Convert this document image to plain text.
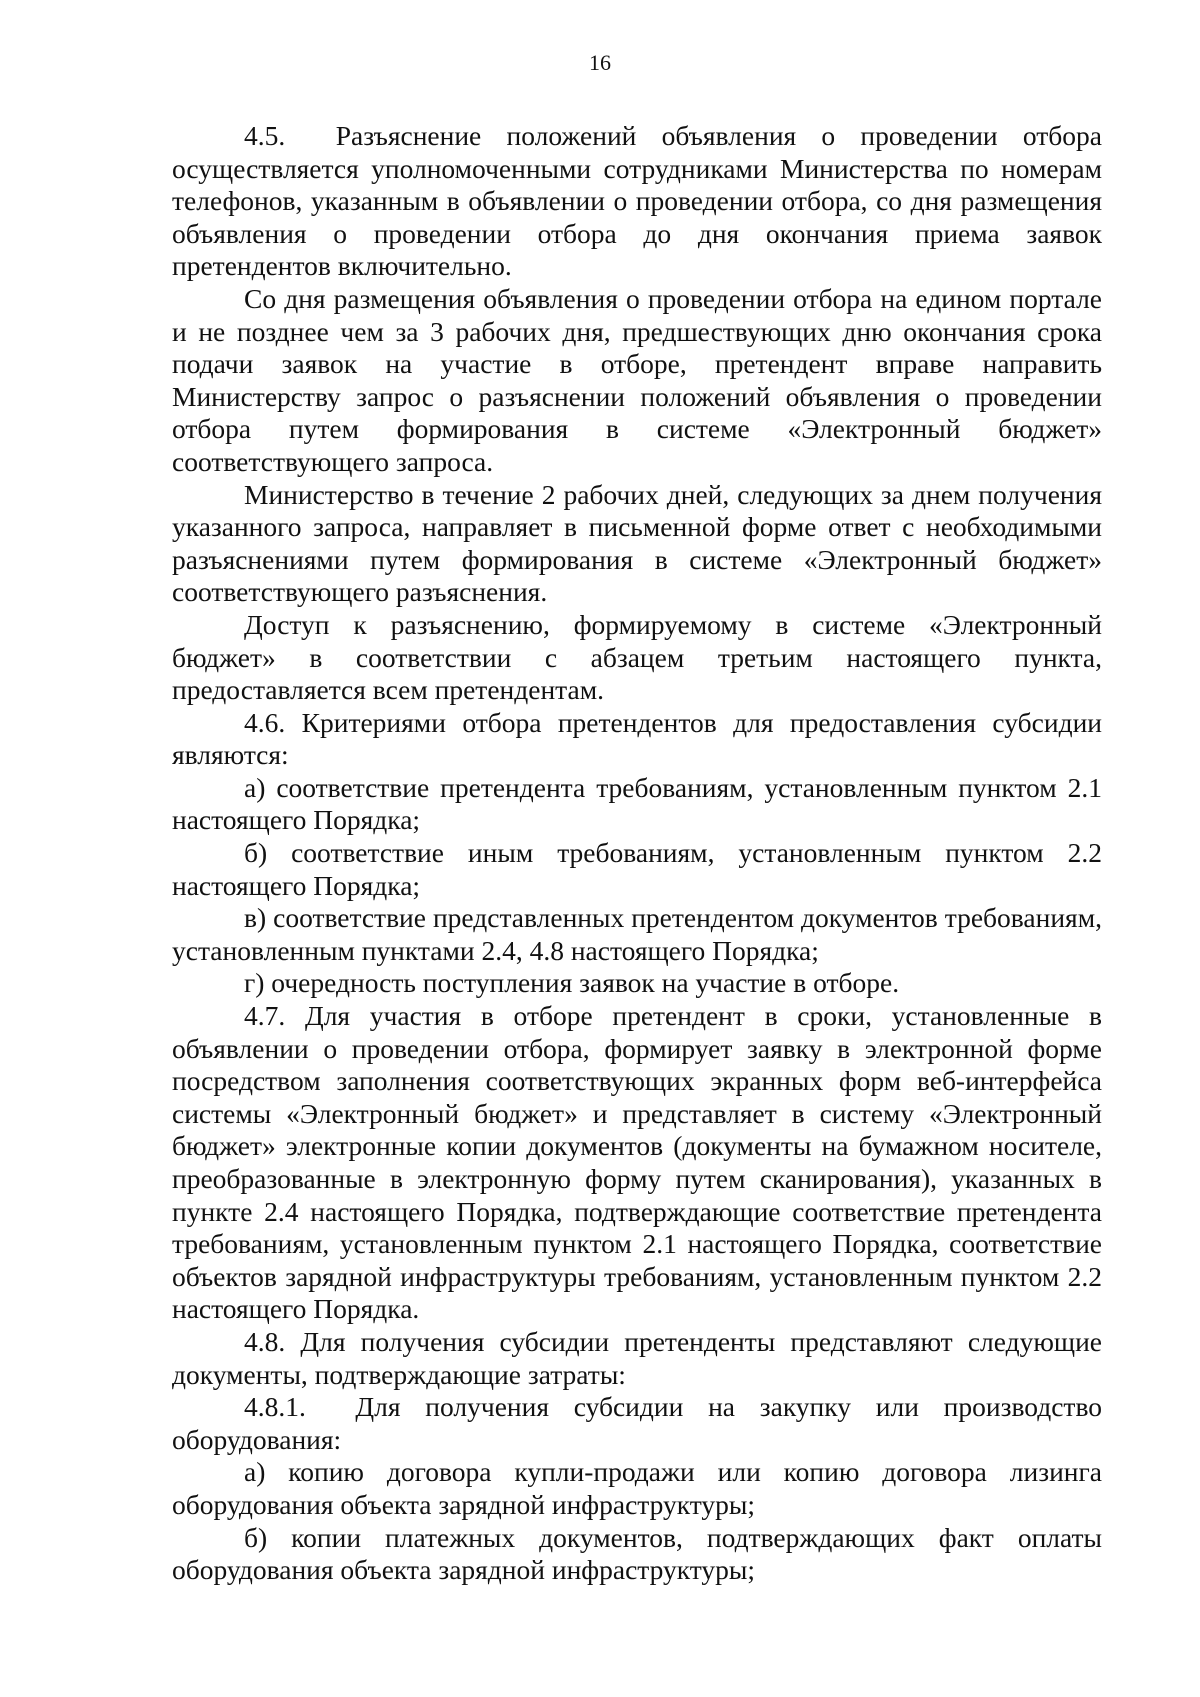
16

4.5.  Разъяснение положений объявления о проведении отбора осуществляется уполномоченными сотрудниками Министерства по номерам телефонов, указанным в объявлении о проведении отбора, со дня размещения объявления о проведении отбора до дня окончания приема заявок претендентов включительно.

Со дня размещения объявления о проведении отбора на едином портале и не позднее чем за 3 рабочих дня, предшествующих дню окончания срока подачи заявок на участие в отборе, претендент вправе направить Министерству запрос о разъяснении положений объявления о проведении отбора путем формирования в системе «Электронный бюджет» соответствующего запроса.

Министерство в течение 2 рабочих дней, следующих за днем получения указанного запроса, направляет в письменной форме ответ с необходимыми разъяснениями путем формирования в системе «Электронный бюджет» соответствующего разъяснения.

Доступ к разъяснению, формируемому в системе «Электронный бюджет» в соответствии с абзацем третьим настоящего пункта, предоставляется всем претендентам.

4.6. Критериями отбора претендентов для предоставления субсидии являются:

а) соответствие претендента требованиям, установленным пунктом 2.1 настоящего Порядка;

б) соответствие иным требованиям, установленным пунктом 2.2 настоящего Порядка;

в) соответствие представленных претендентом документов требованиям, установленным пунктами 2.4, 4.8 настоящего Порядка;

г) очередность поступления заявок на участие в отборе.

4.7. Для участия в отборе претендент в сроки, установленные в объявлении о проведении отбора, формирует заявку в электронной форме посредством заполнения соответствующих экранных форм веб-интерфейса системы «Электронный бюджет» и представляет в систему «Электронный бюджет» электронные копии документов (документы на бумажном носителе, преобразованные в электронную форму путем сканирования), указанных в пункте 2.4 настоящего Порядка, подтверждающие соответствие претендента требованиям, установленным пунктом 2.1 настоящего Порядка, соответствие объектов зарядной инфраструктуры требованиям, установленным пунктом 2.2 настоящего Порядка.

4.8. Для получения субсидии претенденты представляют следующие документы, подтверждающие затраты:

4.8.1.  Для получения субсидии на закупку или производство оборудования:

а) копию договора купли-продажи или копию договора лизинга оборудования объекта зарядной инфраструктуры;

б) копии платежных документов, подтверждающих факт оплаты оборудования объекта зарядной инфраструктуры;
